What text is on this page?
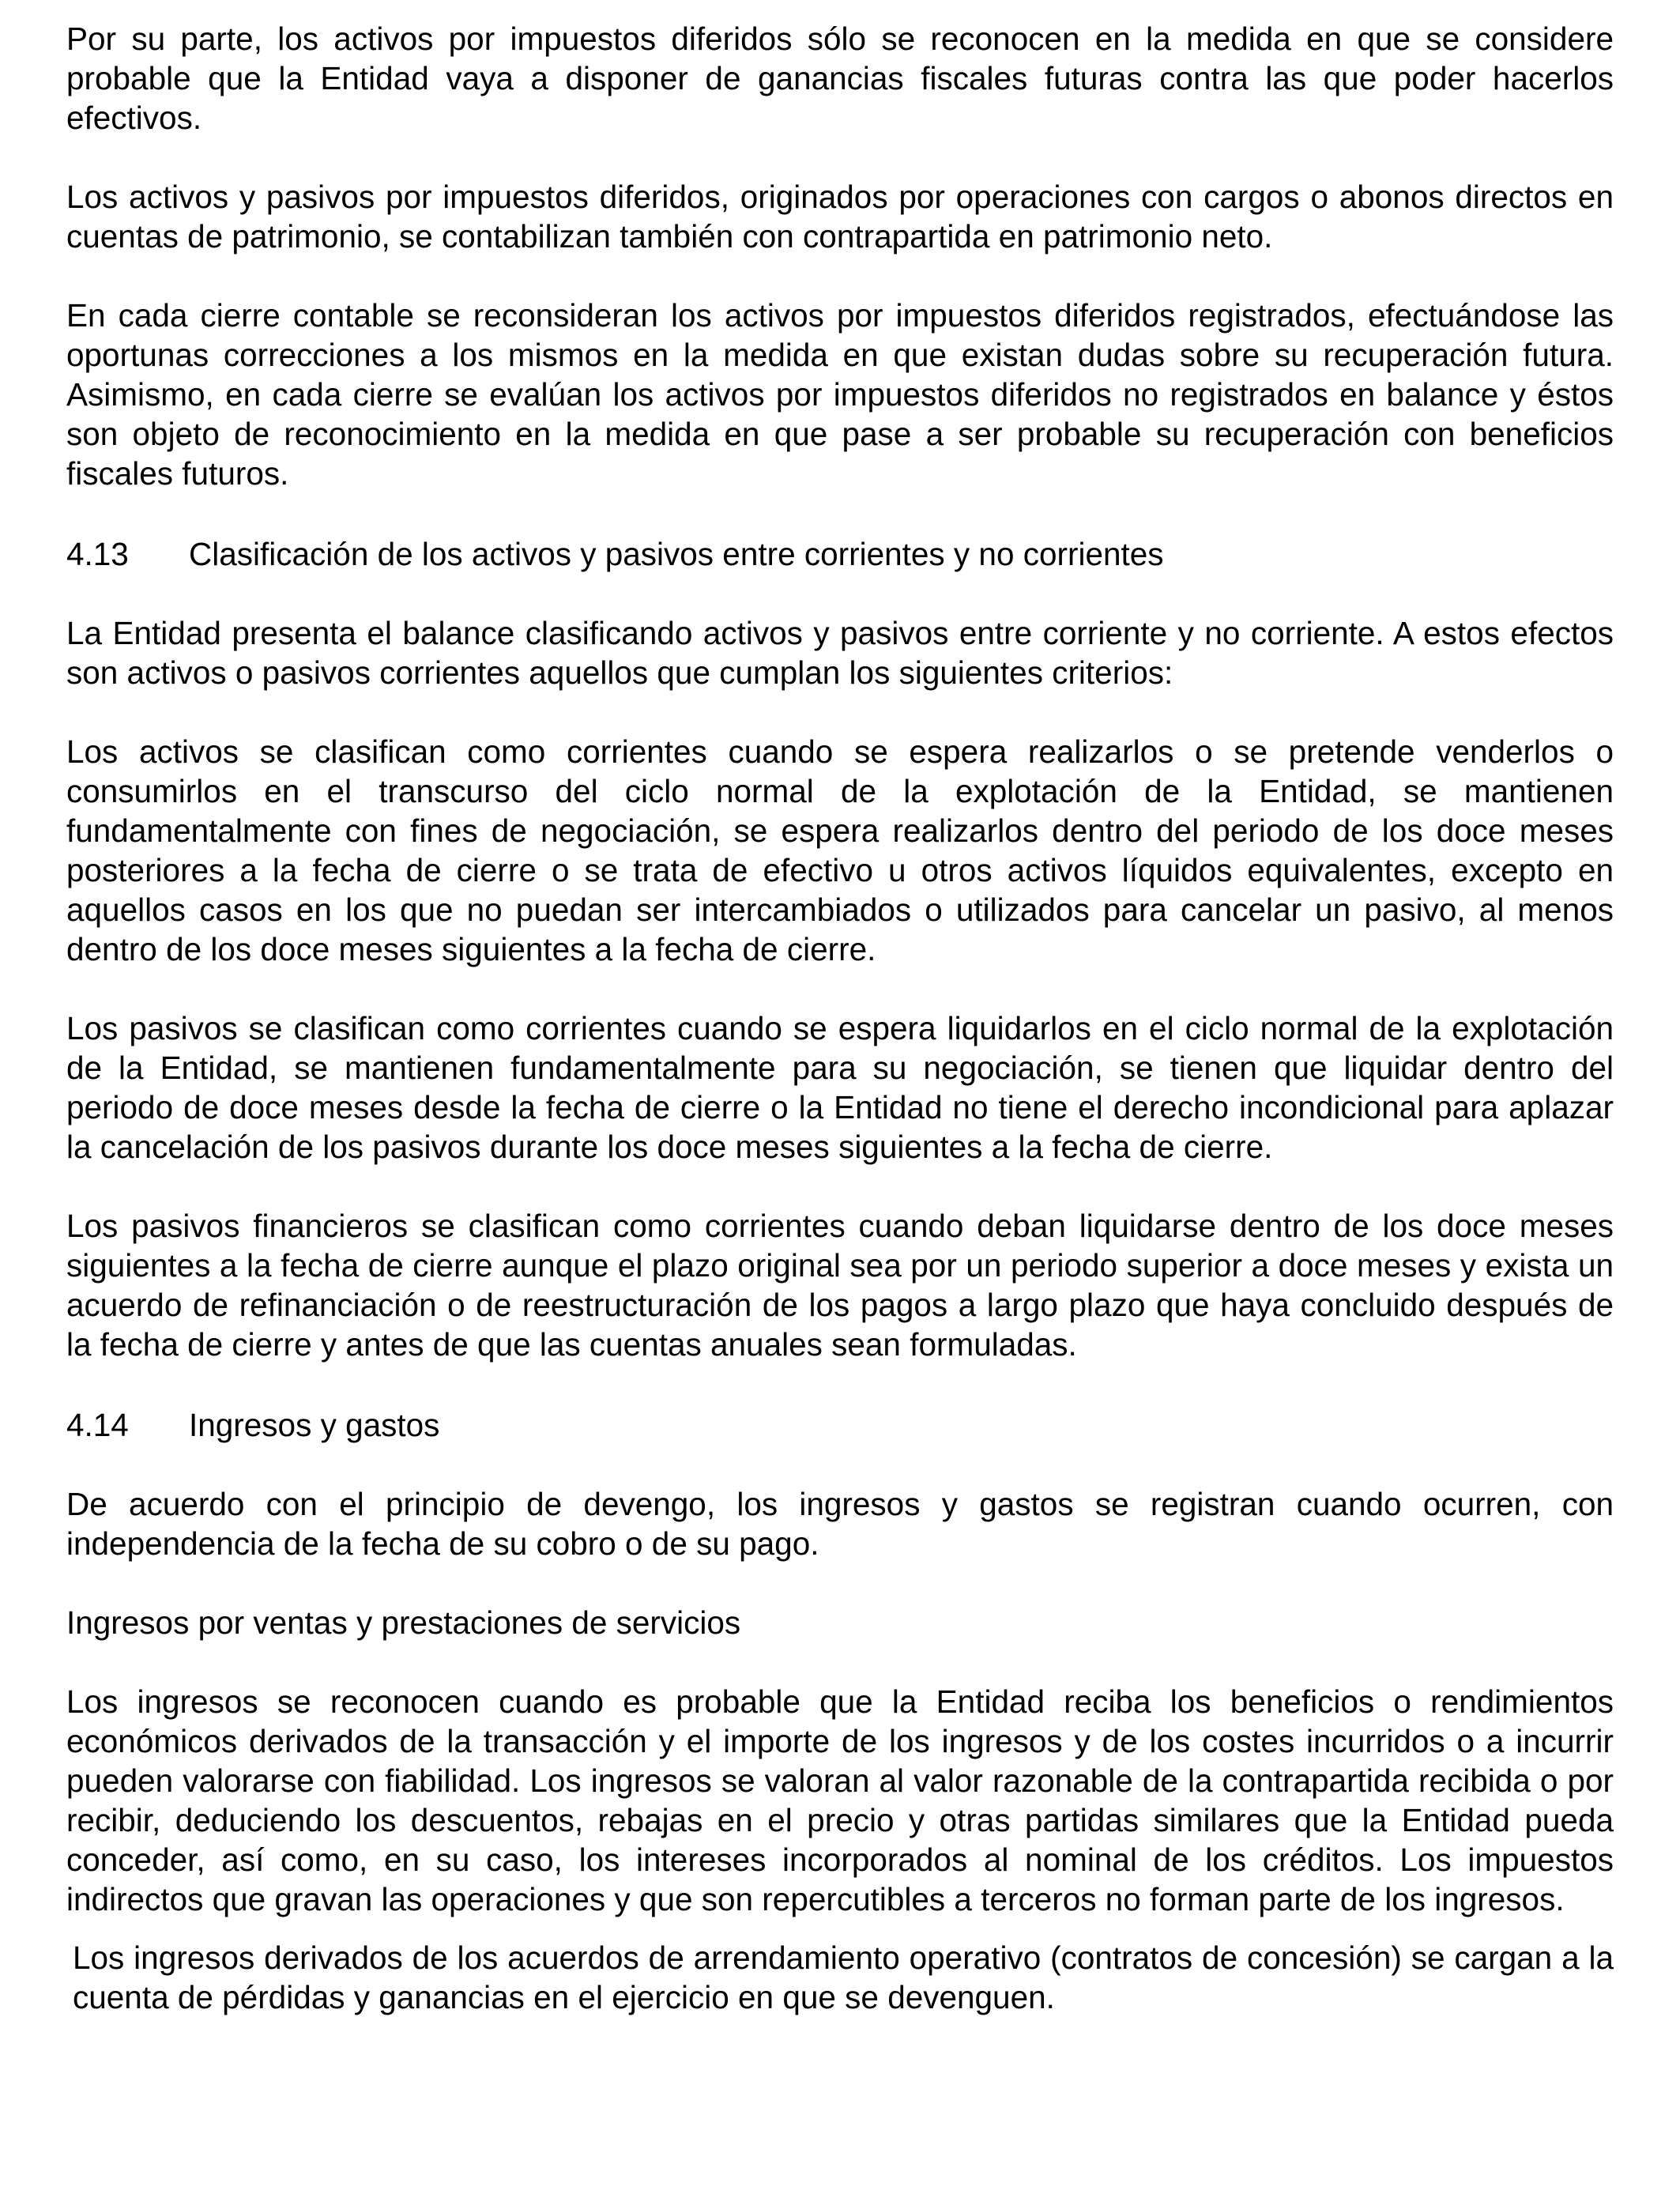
Por su parte, los activos por impuestos diferidos sólo se reconocen en la medida en que se considere probable que la Entidad vaya a disponer de ganancias fiscales futuras contra las que poder hacerlos efectivos.

Los activos y pasivos por impuestos diferidos, originados por operaciones con cargos o abonos directos en cuentas de patrimonio, se contabilizan también con contrapartida en patrimonio neto.

En cada cierre contable se reconsideran los activos por impuestos diferidos registrados, efectuándose las oportunas correcciones a los mismos en la medida en que existan dudas sobre su recuperación futura. Asimismo, en cada cierre se evalúan los activos por impuestos diferidos no registrados en balance y éstos son objeto de reconocimiento en la medida en que pase a ser probable su recuperación con beneficios fiscales futuros.

4.13	Clasificación de los activos y pasivos entre corrientes y no corrientes

La Entidad presenta el balance clasificando activos y pasivos entre corriente y no corriente. A estos efectos son activos o pasivos corrientes aquellos que cumplan los siguientes criterios:

Los activos se clasifican como corrientes cuando se espera realizarlos o se pretende venderlos o consumirlos en el transcurso del ciclo normal de la explotación de la Entidad, se mantienen fundamentalmente con fines de negociación, se espera realizarlos dentro del periodo de los doce meses posteriores a la fecha de cierre o se trata de efectivo u otros activos líquidos equivalentes, excepto en aquellos casos en los que no puedan ser intercambiados o utilizados para cancelar un pasivo, al menos dentro de los doce meses siguientes a la fecha de cierre.

Los pasivos se clasifican como corrientes cuando se espera liquidarlos en el ciclo normal de la explotación de la Entidad, se mantienen fundamentalmente para su negociación, se tienen que liquidar dentro del periodo de doce meses desde la fecha de cierre o la Entidad no tiene el derecho incondicional para aplazar la cancelación de los pasivos durante los doce meses siguientes a la fecha de cierre.

Los pasivos financieros se clasifican como corrientes cuando deban liquidarse dentro de los doce meses siguientes a la fecha de cierre aunque el plazo original sea por un periodo superior a doce meses y exista un acuerdo de refinanciación o de reestructuración de los pagos a largo plazo que haya concluido después de la fecha de cierre y antes de que las cuentas anuales sean formuladas.

4.14	Ingresos y gastos

De acuerdo con el principio de devengo, los ingresos y gastos se registran cuando ocurren, con independencia de la fecha de su cobro o de su pago.

Ingresos por ventas y prestaciones de servicios

Los ingresos se reconocen cuando es probable que la Entidad reciba los beneficios o rendimientos económicos derivados de la transacción y el importe de los ingresos y de los costes incurridos o a incurrir pueden valorarse con fiabilidad. Los ingresos se valoran al valor razonable de la contrapartida recibida o por recibir, deduciendo los descuentos, rebajas en el precio y otras partidas similares que la Entidad pueda conceder, así como, en su caso, los intereses incorporados al nominal de los créditos. Los impuestos indirectos que gravan las operaciones y que son repercutibles a terceros no forman parte de los ingresos.

Los ingresos derivados de los acuerdos de arrendamiento operativo (contratos de concesión) se cargan a la cuenta de pérdidas y ganancias en el ejercicio en que se devenguen.
